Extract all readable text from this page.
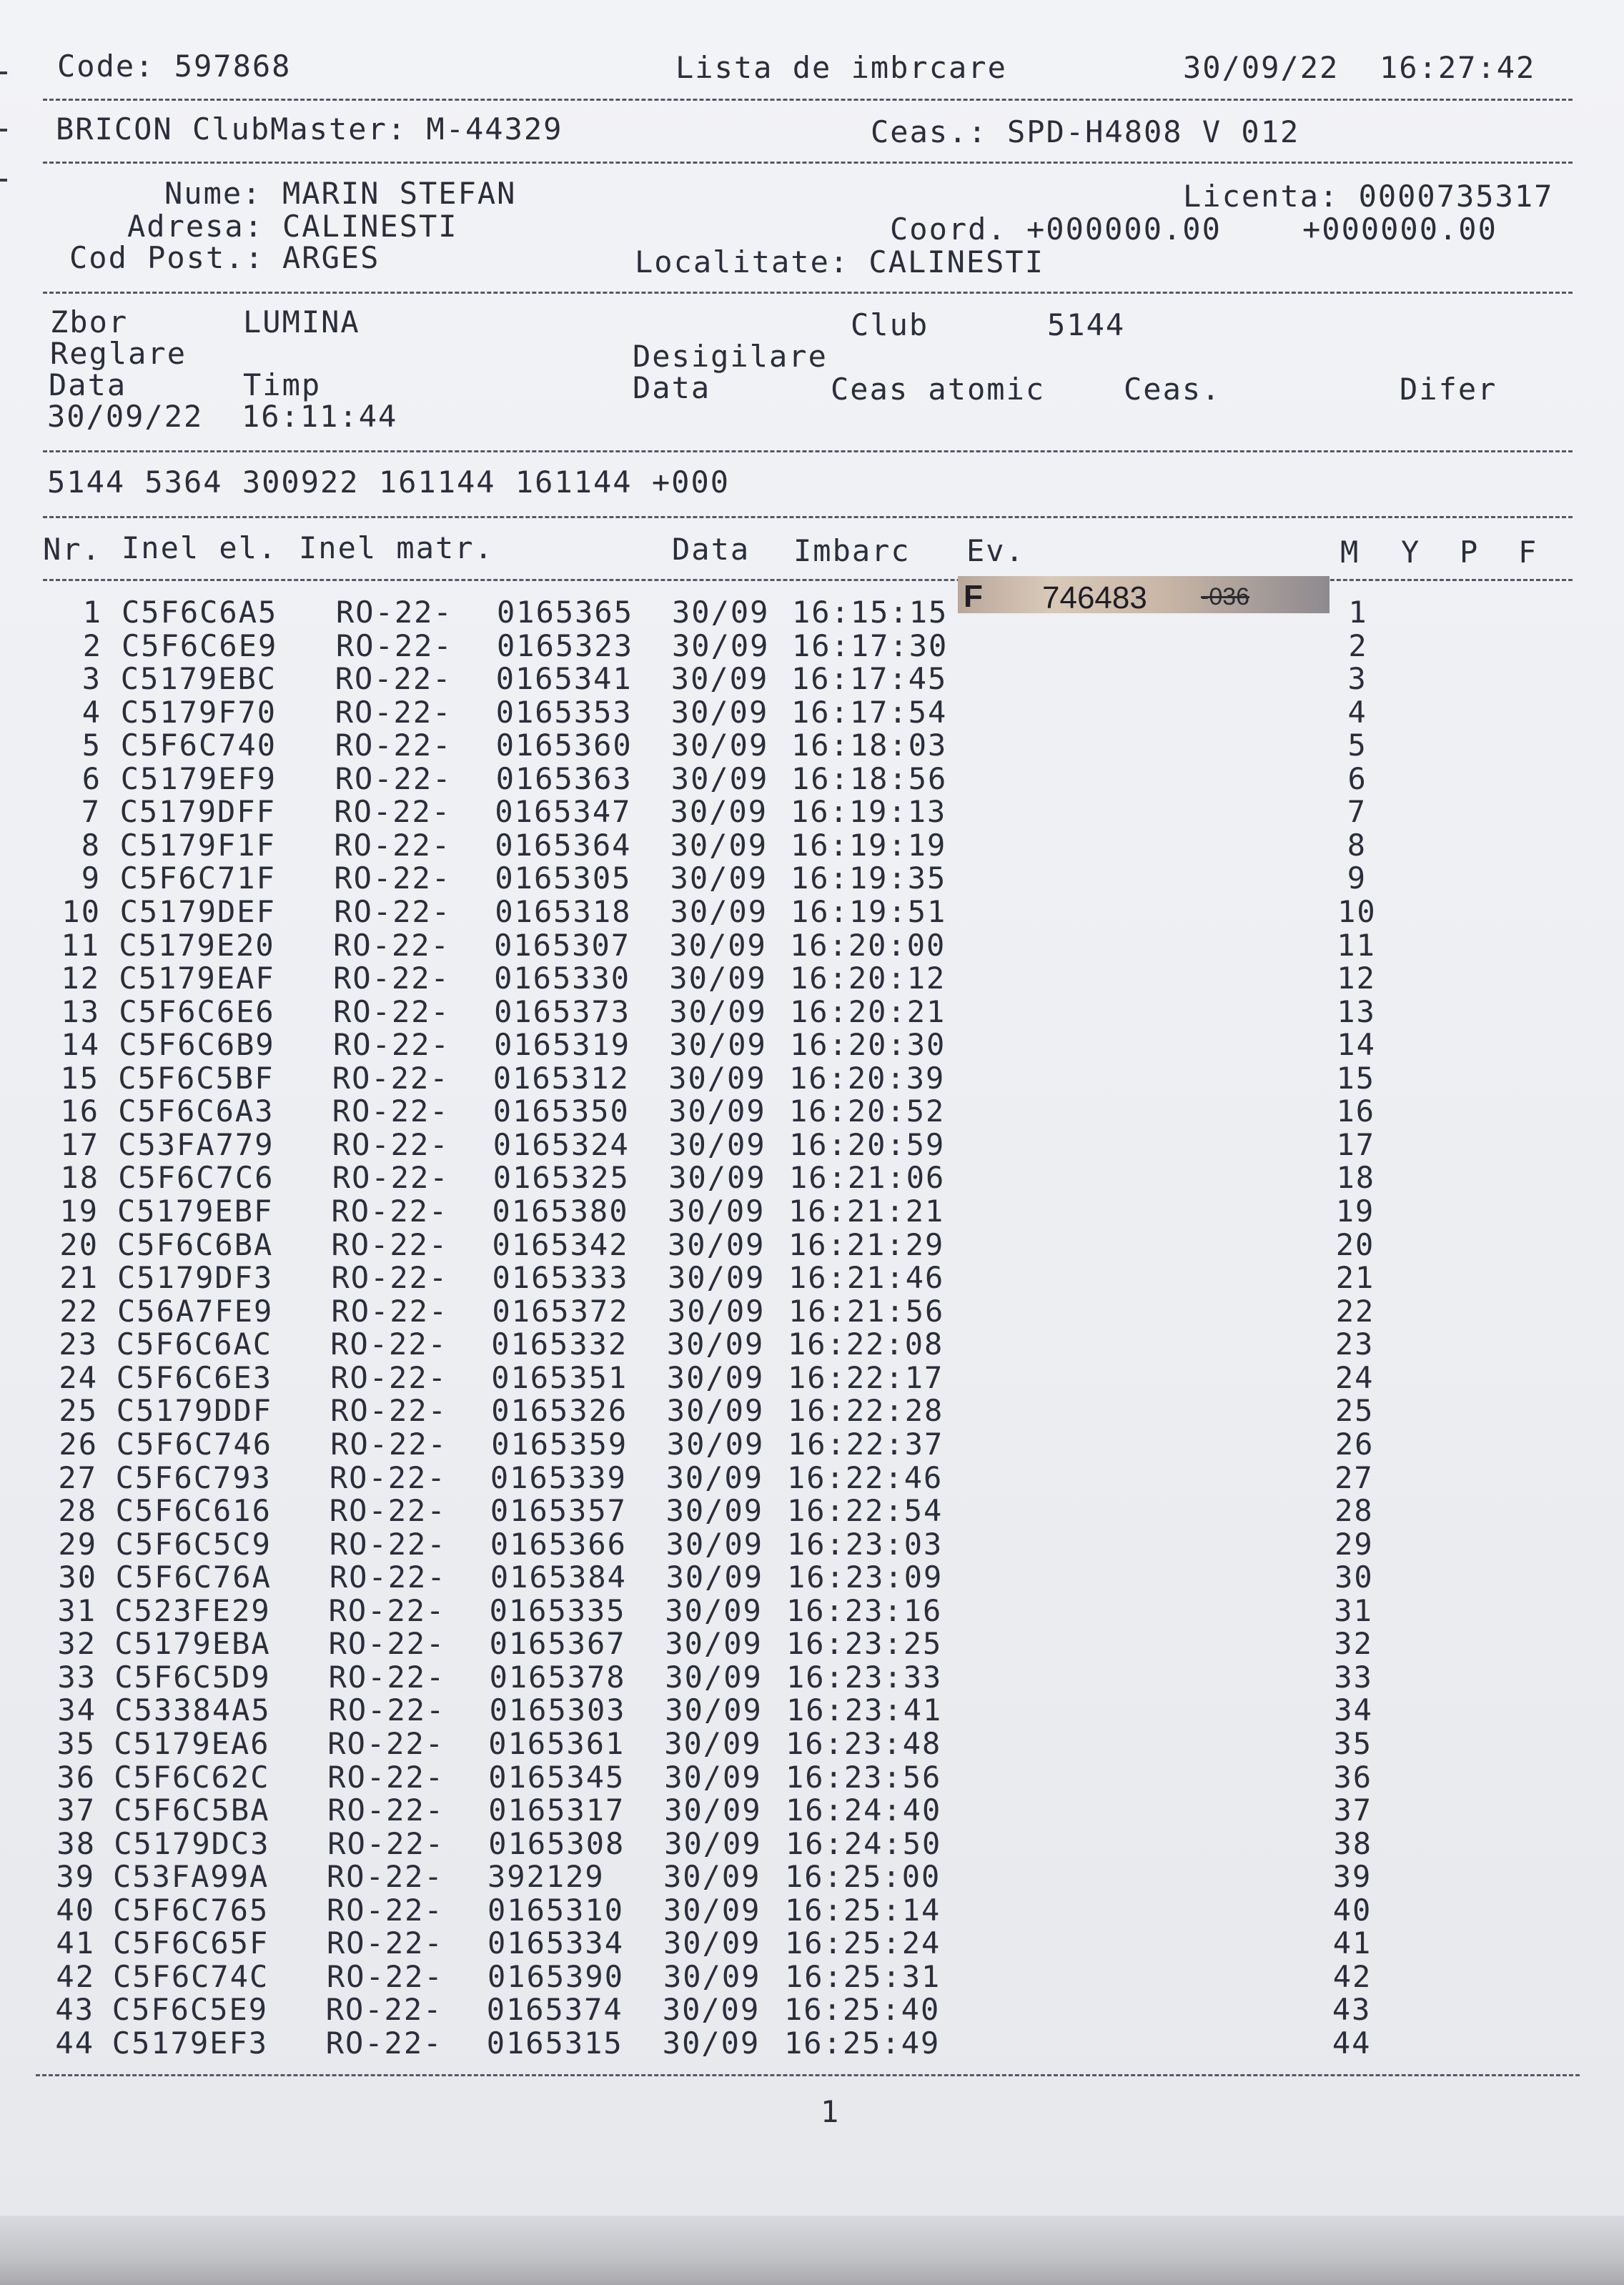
Code: 597868	Lista de imbrcare	30/09/22 16:27:42
BRICON ClubMaster: M-44329	Ceas.: SPD-H4808 V 012
Nume: MARIN STEFAN	Licenta: 0000735317
Adresa: CALINESTI	Coord. +000000.00	+000000.00
Cod Post.: ARGES	Localitate: CALINESTI
Zbor	LUMINA	Club	5144
Reglare	Desigilare
Data	Timp	Data	Ceas atomic	Ceas.	Difer
30/09/22 16:11:44
5144 5364 300922 161144 161144 +000
Nr. Inel el. Inel matr.	Data Imbarc Ev.	M Y P F
1 C5F6C6A5 RO-22- 0165365 30/09 16:15:15	1
2 C5F6C6E9 RO-22- 0165323 30/09 16:17:30	2
3 C5179EBC RO-22- 0165341 30/09 16:17:45	3
4 C5179F70 RO-22- 0165353 30/09 16:17:54	4
5 C5F6C740 RO-22- 0165360 30/09 16:18:03	5
6 C5179EF9 RO-22- 0165363 30/09 16:18:56	6
7 C5179DFF RO-22- 0165347 30/09 16:19:13	7
8 C5179F1F RO-22- 0165364 30/09 16:19:19	8
9 C5F6C71F RO-22- 0165305 30/09 16:19:35	9
10 C5179DEF RO-22- 0165318 30/09 16:19:51	10
11 C5179E20 RO-22- 0165307 30/09 16:20:00	11
12 C5179EAF RO-22- 0165330 30/09 16:20:12	12
13 C5F6C6E6 RO-22- 0165373 30/09 16:20:21	13
14 C5F6C6B9 RO-22- 0165319 30/09 16:20:30	14
15 C5F6C5BF RO-22- 0165312 30/09 16:20:39	15
16 C5F6C6A3 RO-22- 0165350 30/09 16:20:52	16
17 C53FA779 RO-22- 0165324 30/09 16:20:59	17
18 C5F6C7C6 RO-22- 0165325 30/09 16:21:06	18
19 C5179EBF RO-22- 0165380 30/09 16:21:21	19
20 C5F6C6BA RO-22- 0165342 30/09 16:21:29	20
21 C5179DF3 RO-22- 0165333 30/09 16:21:46	21
22 C56A7FE9 RO-22- 0165372 30/09 16:21:56	22
23 C5F6C6AC RO-22- 0165332 30/09 16:22:08	23
24 C5F6C6E3 RO-22- 0165351 30/09 16:22:17	24
25 C5179DDF RO-22- 0165326 30/09 16:22:28	25
26 C5F6C746 RO-22- 0165359 30/09 16:22:37	26
27 C5F6C793 RO-22- 0165339 30/09 16:22:46	27
28 C5F6C616 RO-22- 0165357 30/09 16:22:54	28
29 C5F6C5C9 RO-22- 0165366 30/09 16:23:03	29
30 C5F6C76A RO-22- 0165384 30/09 16:23:09	30
31 C523FE29 RO-22- 0165335 30/09 16:23:16	31
32 C5179EBA RO-22- 0165367 30/09 16:23:25	32
33 C5F6C5D9 RO-22- 0165378 30/09 16:23:33	33
34 C53384A5 RO-22- 0165303 30/09 16:23:41	34
35 C5179EA6 RO-22- 0165361 30/09 16:23:48	35
36 C5F6C62C RO-22- 0165345 30/09 16:23:56	36
37 C5F6C5BA RO-22- 0165317 30/09 16:24:40	37
38 C5179DC3 RO-22- 0165308 30/09 16:24:50	38
39 C53FA99A RO-22- 392129 30/09 16:25:00	39
40 C5F6C765 RO-22- 0165310 30/09 16:25:14	40
41 C5F6C65F RO-22- 0165334 30/09 16:25:24	41
42 C5F6C74C RO-22- 0165390 30/09 16:25:31	42
43 C5F6C5E9 RO-22- 0165374 30/09 16:25:40	43
44 C5179EF3 RO-22- 0165315 30/09 16:25:49	44
F 746483 -036
1
